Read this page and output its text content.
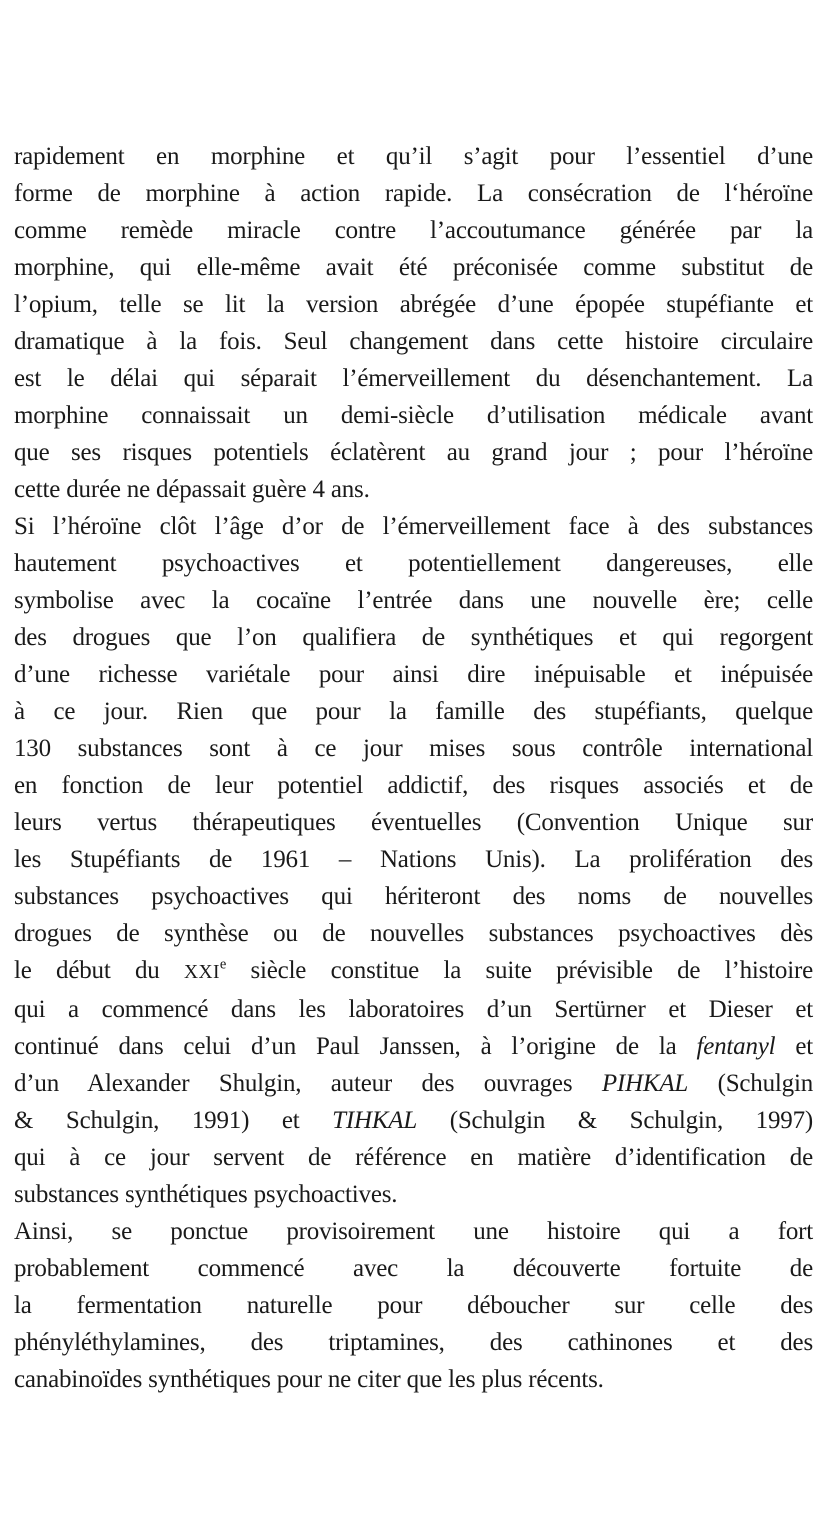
rapidement en morphine et qu’il s’agit pour l’essentiel d’une
forme de morphine à action rapide. La consécration de l‘héroïne
comme remède miracle contre l’accoutumance générée par la
morphine, qui elle-même avait été préconisée comme substitut de
l’opium, telle se lit la version abrégée d’une épopée stupéfiante et
dramatique à la fois. Seul changement dans cette histoire circulaire
est le délai qui séparait l’émerveillement du désenchantement. La
morphine connaissait un demi-siècle d’utilisation médicale avant
que ses risques potentiels éclatèrent au grand jour ; pour l’héroïne
cette durée ne dépassait guère 4 ans.
Si l’héroïne clôt l’âge d’or de l’émerveillement face à des substances
hautement psychoactives et potentiellement dangereuses, elle
symbolise avec la cocaïne l’entrée dans une nouvelle ère; celle
des drogues que l’on qualifiera de synthétiques et qui regorgent
d’une richesse variétale pour ainsi dire inépuisable et inépuisée
à ce jour. Rien que pour la famille des stupéfiants, quelque
130 substances sont à ce jour mises sous contrôle international
en fonction de leur potentiel addictif, des risques associés et de
leurs vertus thérapeutiques éventuelles (Convention Unique sur
les Stupéfiants de 1961 – Nations Unis). La prolifération des
substances psychoactives qui hériteront des noms de nouvelles
drogues de synthèse ou de nouvelles substances psychoactives dès
le début du XXIe siècle constitue la suite prévisible de l’histoire
qui a commencé dans les laboratoires d’un Sertürner et Dieser et
continué dans celui d’un Paul Janssen, à l’origine de la fentanyl et
d’un Alexander Shulgin, auteur des ouvrages PIHKAL (Schulgin
& Schulgin, 1991) et TIHKAL (Schulgin & Schulgin, 1997)
qui à ce jour servent de référence en matière d’identification de
substances synthétiques psychoactives.
Ainsi, se ponctue provisoirement une histoire qui a fort
probablement commencé avec la découverte fortuite de
la fermentation naturelle pour déboucher sur celle des
phényléthylamines, des triptamines, des cathinones et des
canabinoïdes synthétiques pour ne citer que les plus récents.
